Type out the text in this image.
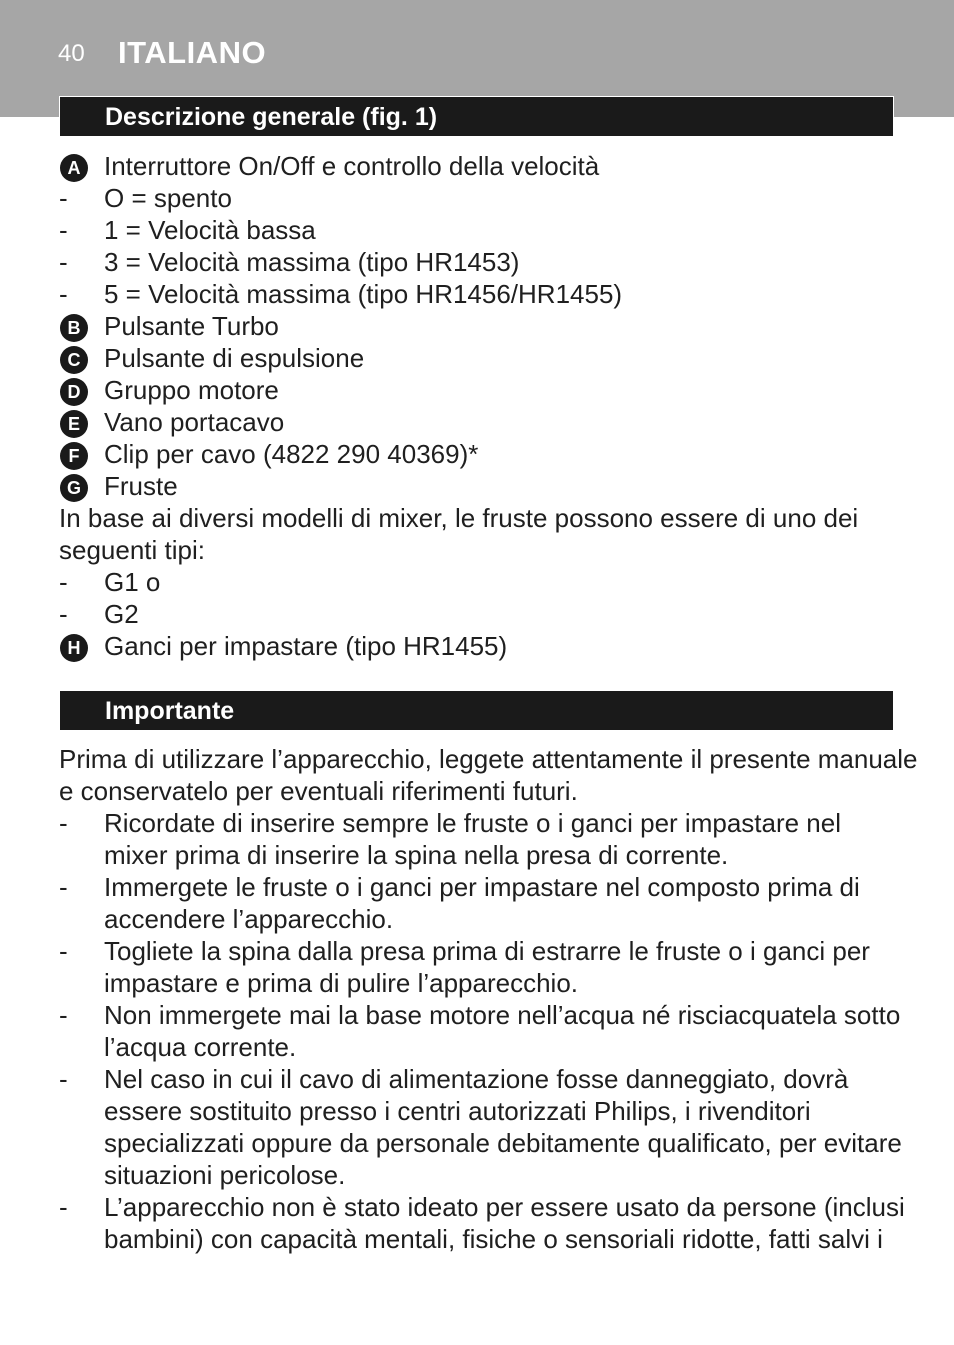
40 ITALIANO
Descrizione generale (fig. 1)
A Interruttore On/Off e controllo della velocità
-	O = spento
-	1 = Velocità bassa
-	3 = Velocità massima (tipo HR1453)
-	5 = Velocità massima (tipo HR1456/HR1455)
B Pulsante Turbo
C Pulsante di espulsione
D Gruppo motore
E Vano portacavo
F Clip per cavo (4822 290 40369)*
G Fruste
In base ai diversi modelli di mixer, le fruste possono essere di uno dei
seguenti tipi:
-	G1 o
-	G2
H Ganci per impastare (tipo HR1455)
Importante
Prima di utilizzare l’apparecchio, leggete attentamente il presente manuale
e conservatelo per eventuali riferimenti futuri.
-	Ricordate di inserire sempre le fruste o i ganci per impastare nel
mixer prima di inserire la spina nella presa di corrente.
-	Immergete le fruste o i ganci per impastare nel composto prima di
accendere l’apparecchio.
-	Togliete la spina dalla presa prima di estrarre le fruste o i ganci per
impastare e prima di pulire l’apparecchio.
-	Non immergete mai la base motore nell’acqua né risciacquatela sotto
l’acqua corrente.
-	Nel caso in cui il cavo di alimentazione fosse danneggiato, dovrà
essere sostituito presso i centri autorizzati Philips, i rivenditori
specializzati oppure da personale debitamente qualificato, per evitare
situazioni pericolose.
-	L’apparecchio non è stato ideato per essere usato da persone (inclusi
bambini) con capacità mentali, fisiche o sensoriali ridotte, fatti salvi i
